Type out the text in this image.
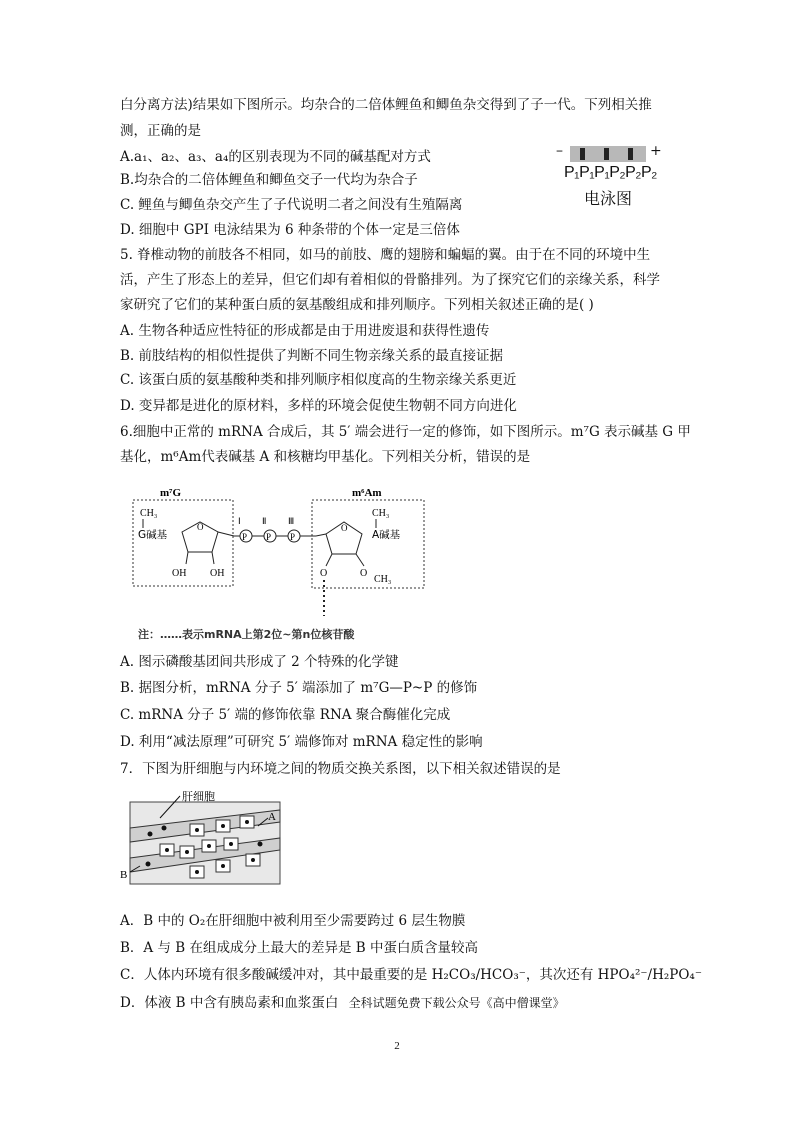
白分离方法)结果如下图所示。均杂合的二倍体鲤鱼和鲫鱼杂交得到了子一代。下列相关推
测，正确的是
A.a₁、a₂、a₃、a₄的区别表现为不同的碱基配对方式
B.均杂合的二倍体鲤鱼和鲫鱼交子一代均为杂合子
C. 鲤鱼与鲫鱼杂交产生了子代说明二者之间没有生殖隔离
D. 细胞中 GPI 电泳结果为 6 种条带的个体一定是三倍体
–	+
P₁P₁P₁P₂P₂P₂
电泳图
5. 脊椎动物的前肢各不相同，如马的前肢、鹰的翅膀和蝙蝠的翼。由于在不同的环境中生
活，产生了形态上的差异，但它们却有着相似的骨骼排列。为了探究它们的亲缘关系，科学
家研究了它们的某种蛋白质的氨基酸组成和排列顺序。下列相关叙述正确的是( )
A. 生物各种适应性特征的形成都是由于用进废退和获得性遗传
B. 前肢结构的相似性提供了判断不同生物亲缘关系的最直接证据
C. 该蛋白质的氨基酸种类和排列顺序相似度高的生物亲缘关系更近
D. 变异都是进化的原材料，多样的环境会促使生物朝不同方向进化
6.细胞中正常的 mRNA 合成后，其 5′ 端会进行一定的修饰，如下图所示。m⁷G 表示碱基 G 甲
基化，m⁶Am代表碱基 A 和核糖均甲基化。下列相关分析，错误的是
m⁷G
CH₃
G碱基
O
OH OH
Ⅰ Ⅱ Ⅲ
P P P
m⁶Am
CH₃
A碱基
O
O	O
CH₃
注：……表示mRNA上第2位~第n位核苷酸
A. 图示磷酸基团间共形成了 2 个特殊的化学键
B. 据图分析，mRNA 分子 5′ 端添加了 m⁷G—P~P 的修饰
C. mRNA 分子 5′ 端的修饰依靠 RNA 聚合酶催化完成
D. 利用“减法原理”可研究 5′ 端修饰对 mRNA 稳定性的影响
7．下图为肝细胞与内环境之间的物质交换关系图，以下相关叙述错误的是
肝细胞
A
B
A．B 中的 O₂在肝细胞中被利用至少需要跨过 6 层生物膜
B．A 与 B 在组成成分上最大的差异是 B 中蛋白质含量较高
C．人体内环境有很多酸碱缓冲对，其中最重要的是 H₂CO₃/HCO₃⁻，其次还有 HPO₄²⁻/H₂PO₄⁻
D．体液 B 中含有胰岛素和血浆蛋白 全科试题免费下载公众号《高中僧课堂》
2
